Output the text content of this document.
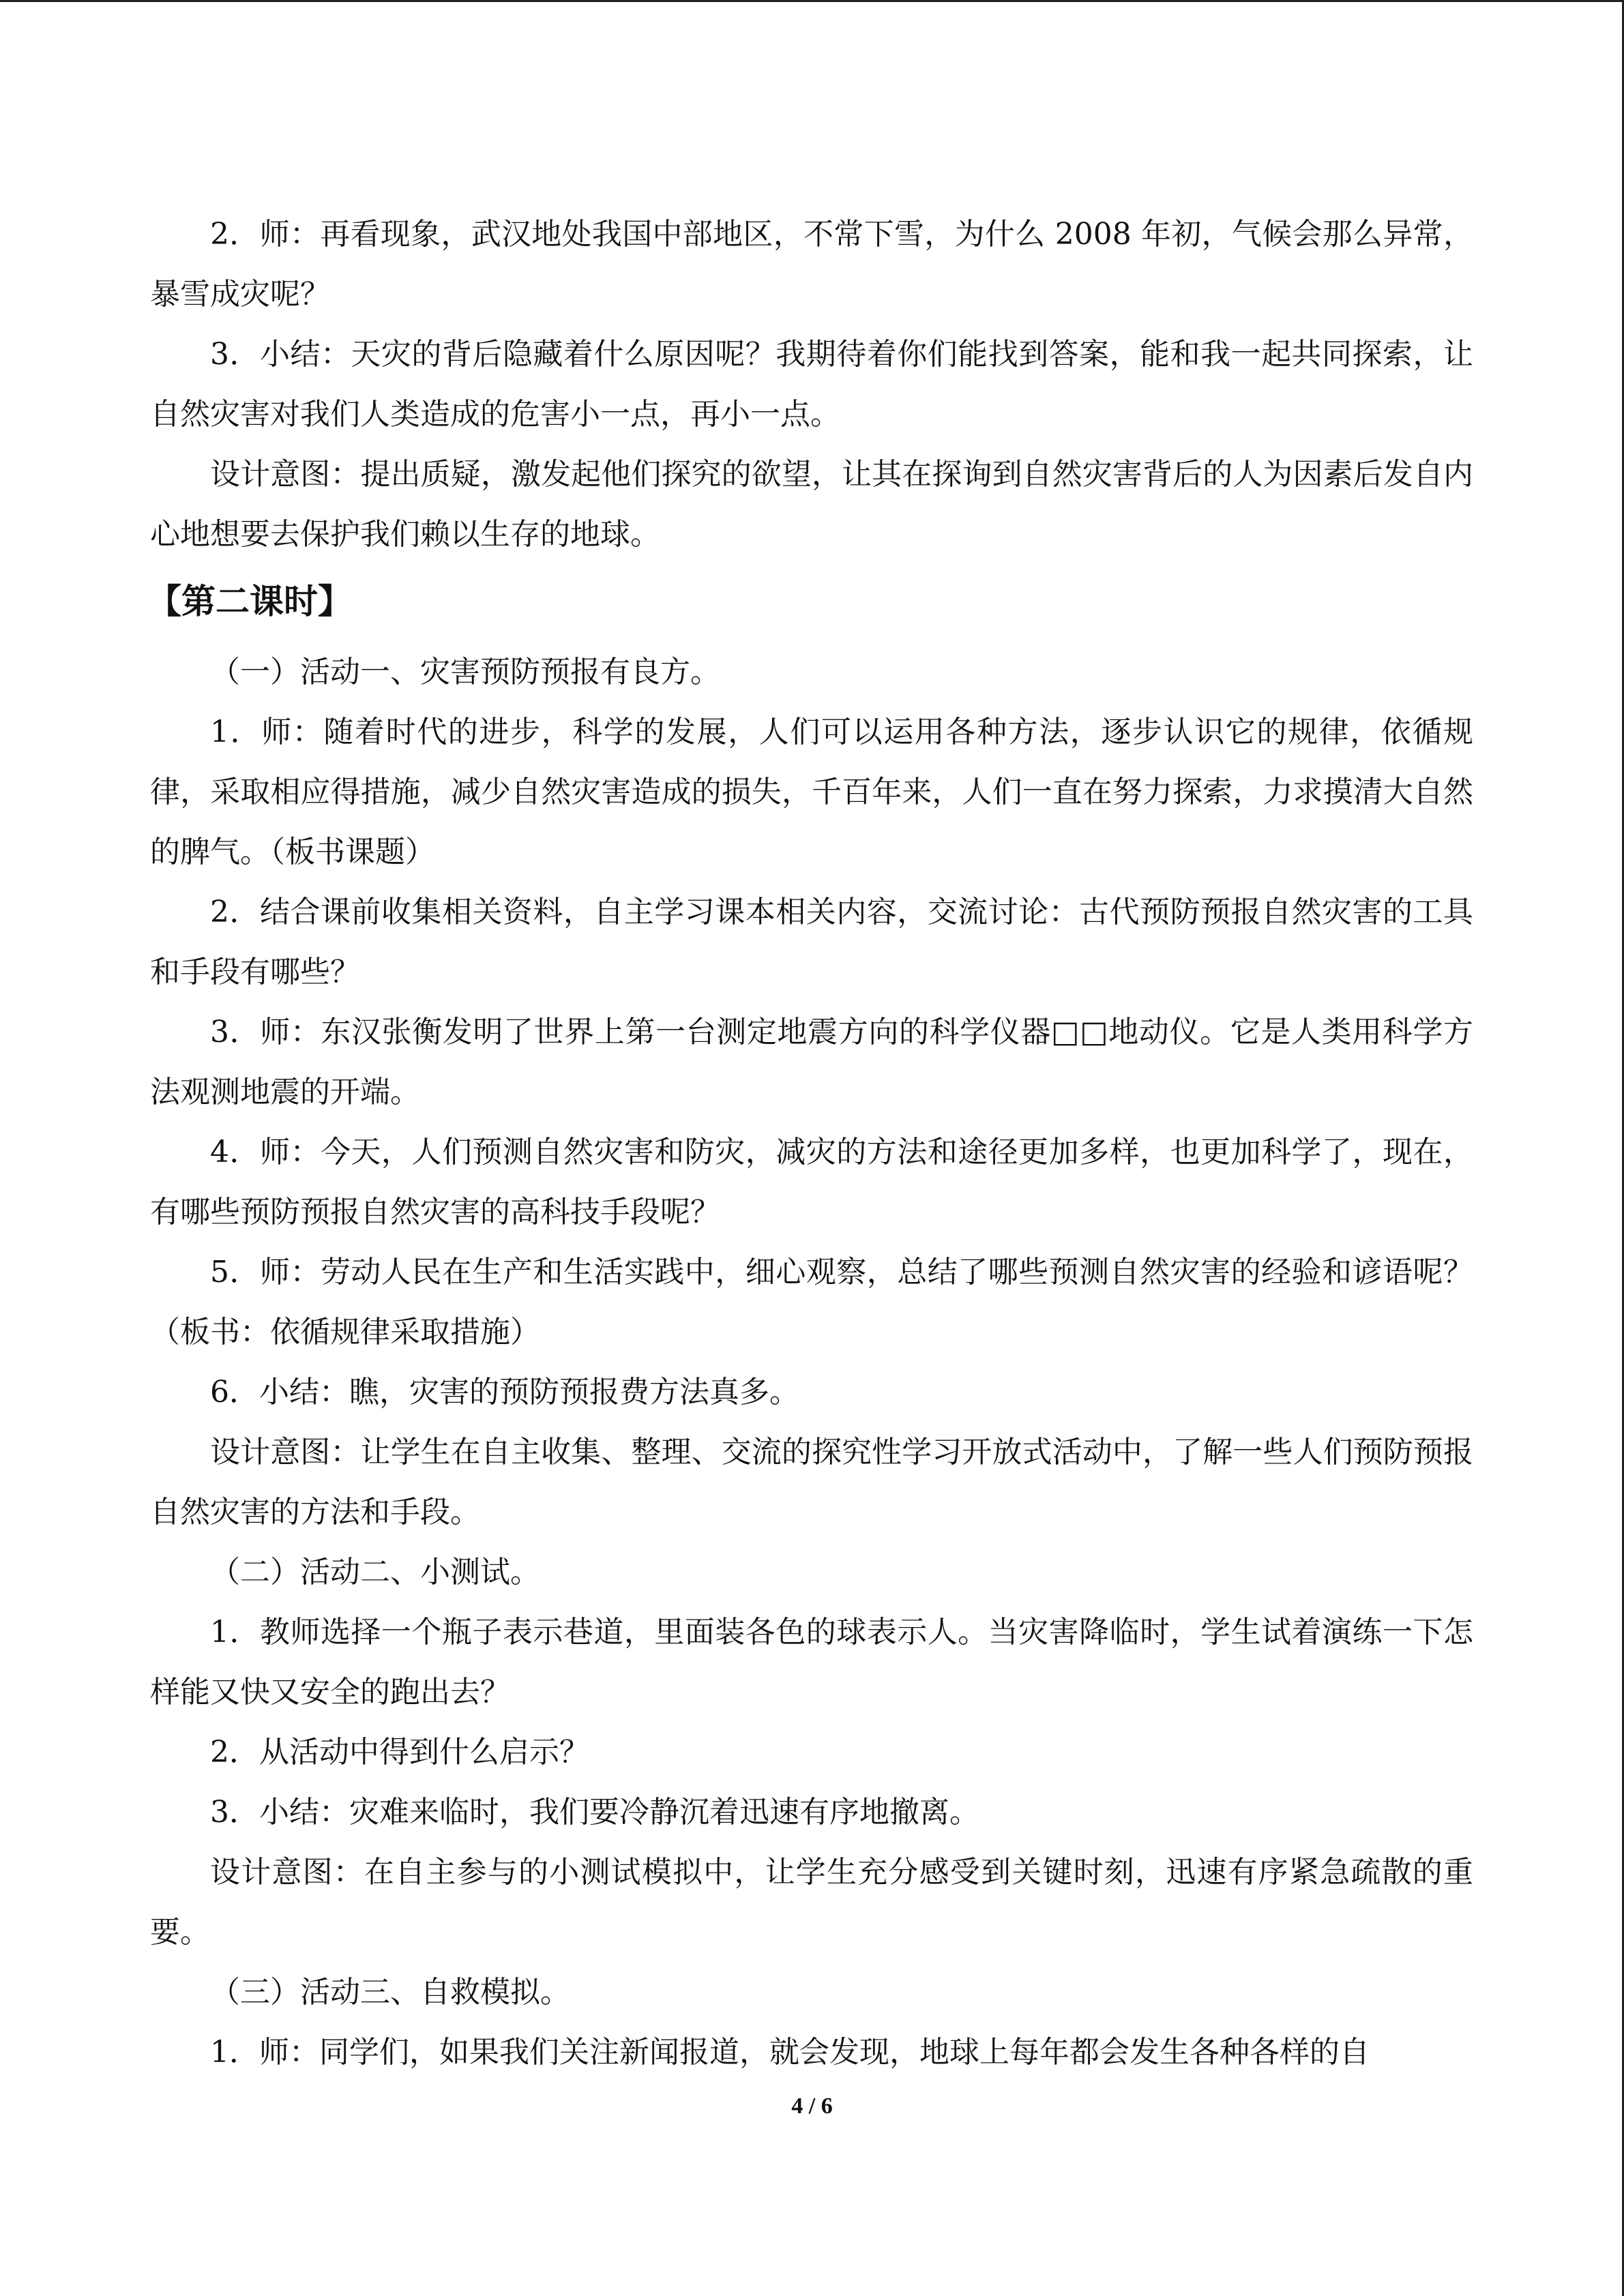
2．师：再看现象，武汉地处我国中部地区，不常下雪，为什么 2008 年初，气候会那么异常，暴雪成灾呢？

3．小结：天灾的背后隐藏着什么原因呢？我期待着你们能找到答案，能和我一起共同探索，让自然灾害对我们人类造成的危害小一点，再小一点。

设计意图：提出质疑，激发起他们探究的欲望，让其在探询到自然灾害背后的人为因素后发自内心地想要去保护我们赖以生存的地球。

【第二课时】

（一）活动一、灾害预防预报有良方。

1．师：随着时代的进步，科学的发展，人们可以运用各种方法，逐步认识它的规律，依循规律，采取相应得措施，减少自然灾害造成的损失，千百年来，人们一直在努力探索，力求摸清大自然的脾气。（板书课题）

2．结合课前收集相关资料，自主学习课本相关内容，交流讨论：古代预防预报自然灾害的工具和手段有哪些？

3．师：东汉张衡发明了世界上第一台测定地震方向的科学仪器□□地动仪。它是人类用科学方法观测地震的开端。

4．师：今天，人们预测自然灾害和防灾，减灾的方法和途径更加多样，也更加科学了，现在，有哪些预防预报自然灾害的高科技手段呢？

5．师：劳动人民在生产和生活实践中，细心观察，总结了哪些预测自然灾害的经验和谚语呢？（板书：依循规律采取措施）

6．小结：瞧，灾害的预防预报费方法真多。

设计意图：让学生在自主收集、整理、交流的探究性学习开放式活动中，了解一些人们预防预报自然灾害的方法和手段。

（二）活动二、小测试。

1．教师选择一个瓶子表示巷道，里面装各色的球表示人。当灾害降临时，学生试着演练一下怎样能又快又安全的跑出去？

2．从活动中得到什么启示？

3．小结：灾难来临时，我们要冷静沉着迅速有序地撤离。

设计意图：在自主参与的小测试模拟中，让学生充分感受到关键时刻，迅速有序紧急疏散的重要。

（三）活动三、自救模拟。

1．师：同学们，如果我们关注新闻报道，就会发现，地球上每年都会发生各种各样的自

4 / 6
